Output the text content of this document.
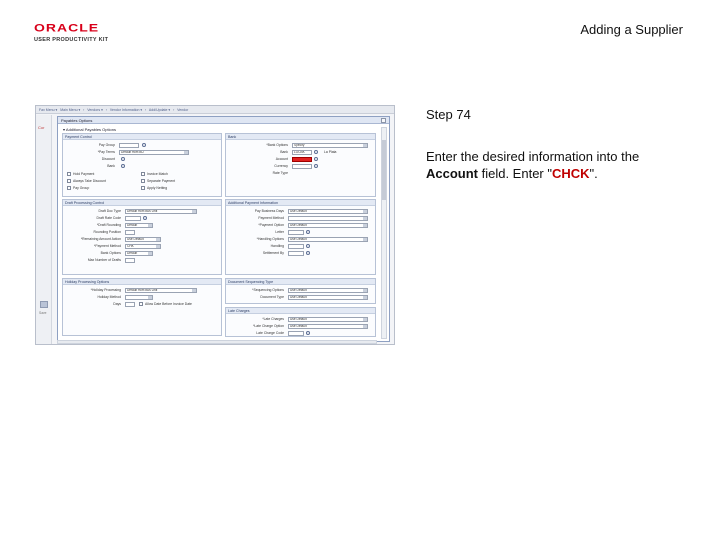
ORACLE
USER PRODUCTIVITY KIT
Adding a Supplier
Step 74
Enter the desired information into the Account field. Enter "CHCK".
Fav Menu ▾   Main Menu ▾   ›   Vendors ▾   ›   Vendor Information ▾   ›   Add/Update ▾   ›   Vendor
Cor
Save
Payables Options
▾ Additional Payables Options
Payment Control
Pay Group
*Pay Terms	Default from BU
Discount
Bank
Hold Payment	Invoice Match
Always Take Discount	Separate Payment
Pay Group	Apply Netting
Bank
*Bank Options	Specify
Bank	LOCBK	La Plata
Account
Currency
Rate Type
Draft Processing Control
Draft Doc Type	Default from Bus Unit
Draft Rate Code
*Draft Rounding	Default
Rounding Position
*Remaining Amount Action	Use Default
*Payment Method	CHK
Bank Options	Default
Max Number of Drafts
Additional Payment Information
Pay Business Days	Use Default
Payment Method
*Payment Option	Use Default
Letter
*Handling Options	Use Default
Handling
Settlement By
Holiday Processing Options
*Holiday Processing	Default from Bus Unit
Holiday Method
Days	Allow Date Before Invoice Date
Document Sequencing Type
*Sequencing Options	Use Default
Document Type	Use Default
Late Charges
*Late Charges	Use Default
*Late Charge Option	Use Default
Late Charge Code
